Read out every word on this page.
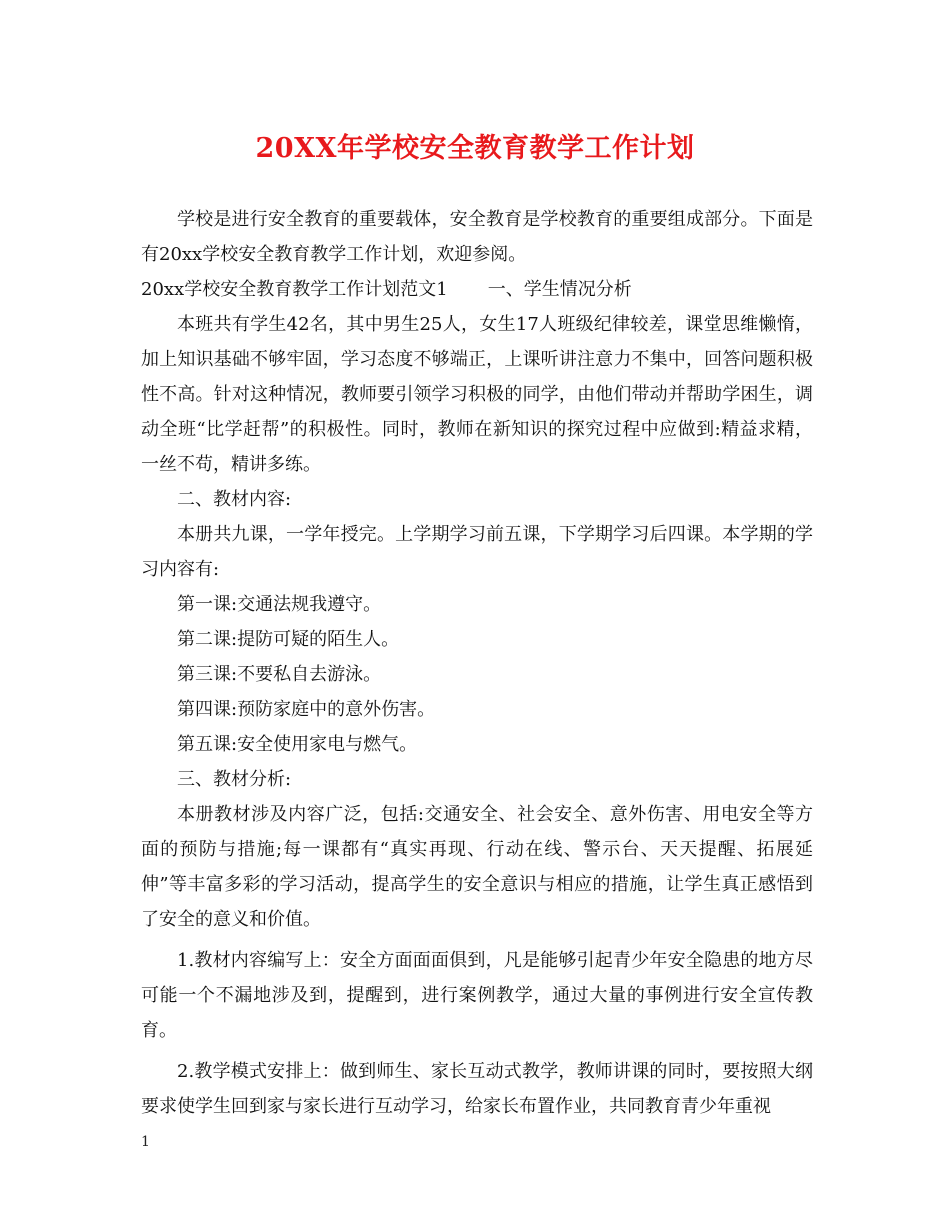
20XX年学校安全教育教学工作计划

学校是进行安全教育的重要载体，安全教育是学校教育的重要组成部分。下面是有20xx学校安全教育教学工作计划，欢迎参阅。

20xx学校安全教育教学工作计划范文1 一、学生情况分析

本班共有学生42名，其中男生25人，女生17人班级纪律较差，课堂思维懒惰，加上知识基础不够牢固，学习态度不够端正，上课听讲注意力不集中，回答问题积极性不高。针对这种情况，教师要引领学习积极的同学，由他们带动并帮助学困生，调动全班“比学赶帮”的积极性。同时，教师在新知识的探究过程中应做到:精益求精，一丝不苟，精讲多练。

二、教材内容:

本册共九课，一学年授完。上学期学习前五课，下学期学习后四课。本学期的学习内容有:

第一课:交通法规我遵守。

第二课:提防可疑的陌生人。

第三课:不要私自去游泳。

第四课:预防家庭中的意外伤害。

第五课:安全使用家电与燃气。

三、教材分析:

本册教材涉及内容广泛，包括:交通安全、社会安全、意外伤害、用电安全等方面的预防与措施;每一课都有“真实再现、行动在线、警示台、天天提醒、拓展延伸”等丰富多彩的学习活动，提高学生的安全意识与相应的措施，让学生真正感悟到了安全的意义和价值。

1.教材内容编写上：安全方面面面俱到，凡是能够引起青少年安全隐患的地方尽可能一个不漏地涉及到，提醒到，进行案例教学，通过大量的事例进行安全宣传教育。

2.教学模式安排上：做到师生、家长互动式教学，教师讲课的同时，要按照大纲要求使学生回到家与家长进行互动学习，给家长布置作业，共同教育青少年重视

1
